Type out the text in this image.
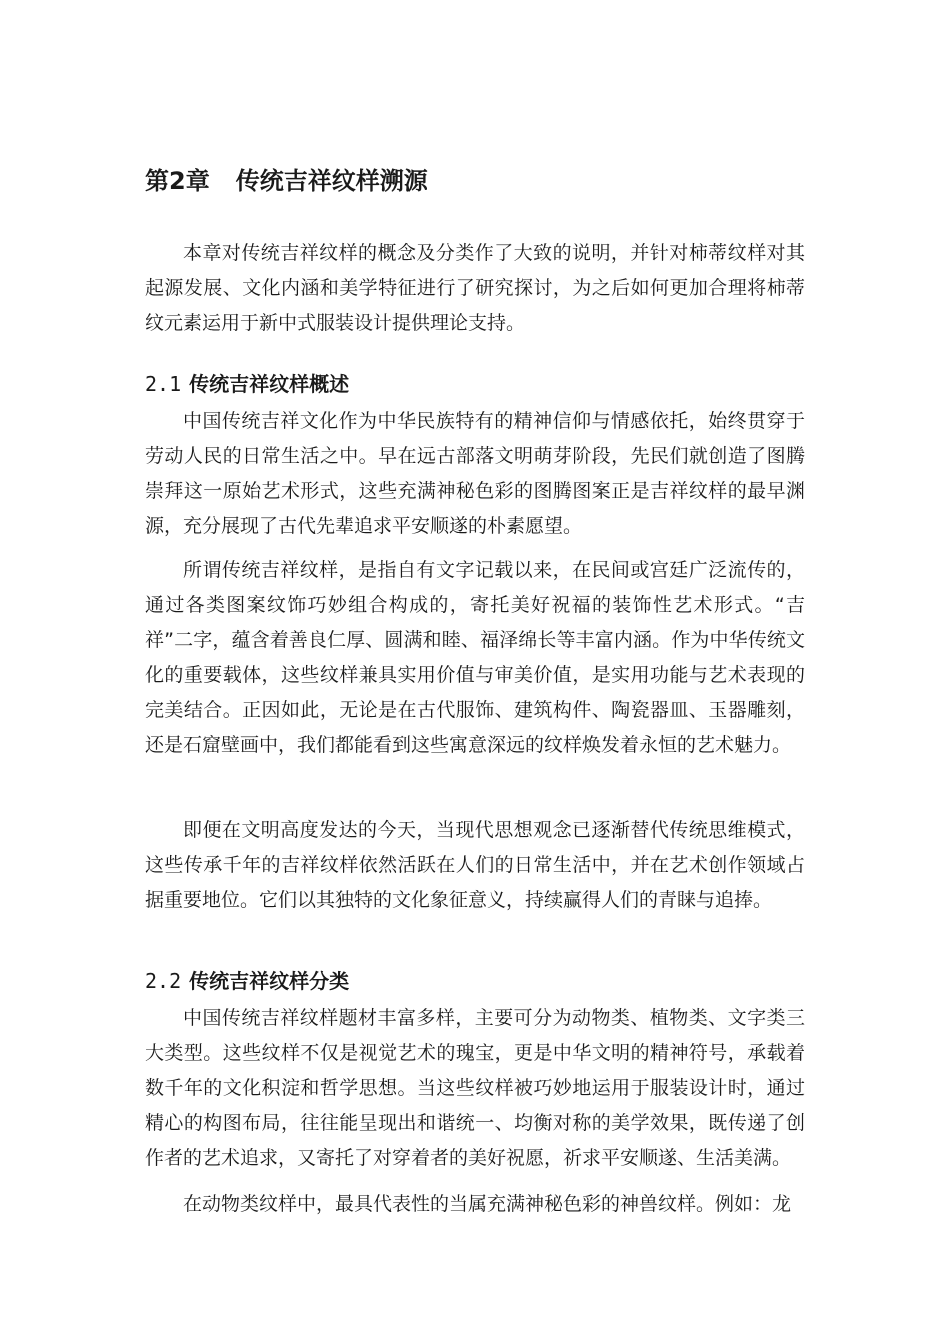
第2章 传统吉祥纹样溯源

本章对传统吉祥纹样的概念及分类作了大致的说明，并针对柿蒂纹样对其起源发展、文化内涵和美学特征进行了研究探讨，为之后如何更加合理将柿蒂纹元素运用于新中式服装设计提供理论支持。

2.1 传统吉祥纹样概述

中国传统吉祥文化作为中华民族特有的精神信仰与情感依托，始终贯穿于劳动人民的日常生活之中。早在远古部落文明萌芽阶段，先民们就创造了图腾崇拜这一原始艺术形式，这些充满神秘色彩的图腾图案正是吉祥纹样的最早渊源，充分展现了古代先辈追求平安顺遂的朴素愿望。

所谓传统吉祥纹样，是指自有文字记载以来，在民间或宫廷广泛流传的，通过各类图案纹饰巧妙组合构成的，寄托美好祝福的装饰性艺术形式。“吉祥”二字，蕴含着善良仁厚、圆满和睦、福泽绵长等丰富内涵。作为中华传统文化的重要载体，这些纹样兼具实用价值与审美价值，是实用功能与艺术表现的完美结合。正因如此，无论是在古代服饰、建筑构件、陶瓷器皿、玉器雕刻，还是石窟壁画中，我们都能看到这些寓意深远的纹样焕发着永恒的艺术魅力。

即便在文明高度发达的今天，当现代思想观念已逐渐替代传统思维模式，这些传承千年的吉祥纹样依然活跃在人们的日常生活中，并在艺术创作领域占据重要地位。它们以其独特的文化象征意义，持续赢得人们的青睐与追捧。

2.2 传统吉祥纹样分类

中国传统吉祥纹样题材丰富多样，主要可分为动物类、植物类、文字类三大类型。这些纹样不仅是视觉艺术的瑰宝，更是中华文明的精神符号，承载着数千年的文化积淀和哲学思想。当这些纹样被巧妙地运用于服装设计时，通过精心的构图布局，往往能呈现出和谐统一、均衡对称的美学效果，既传递了创作者的艺术追求，又寄托了对穿着者的美好祝愿，祈求平安顺遂、生活美满。

在动物类纹样中，最具代表性的当属充满神秘色彩的神兽纹样。例如：龙
